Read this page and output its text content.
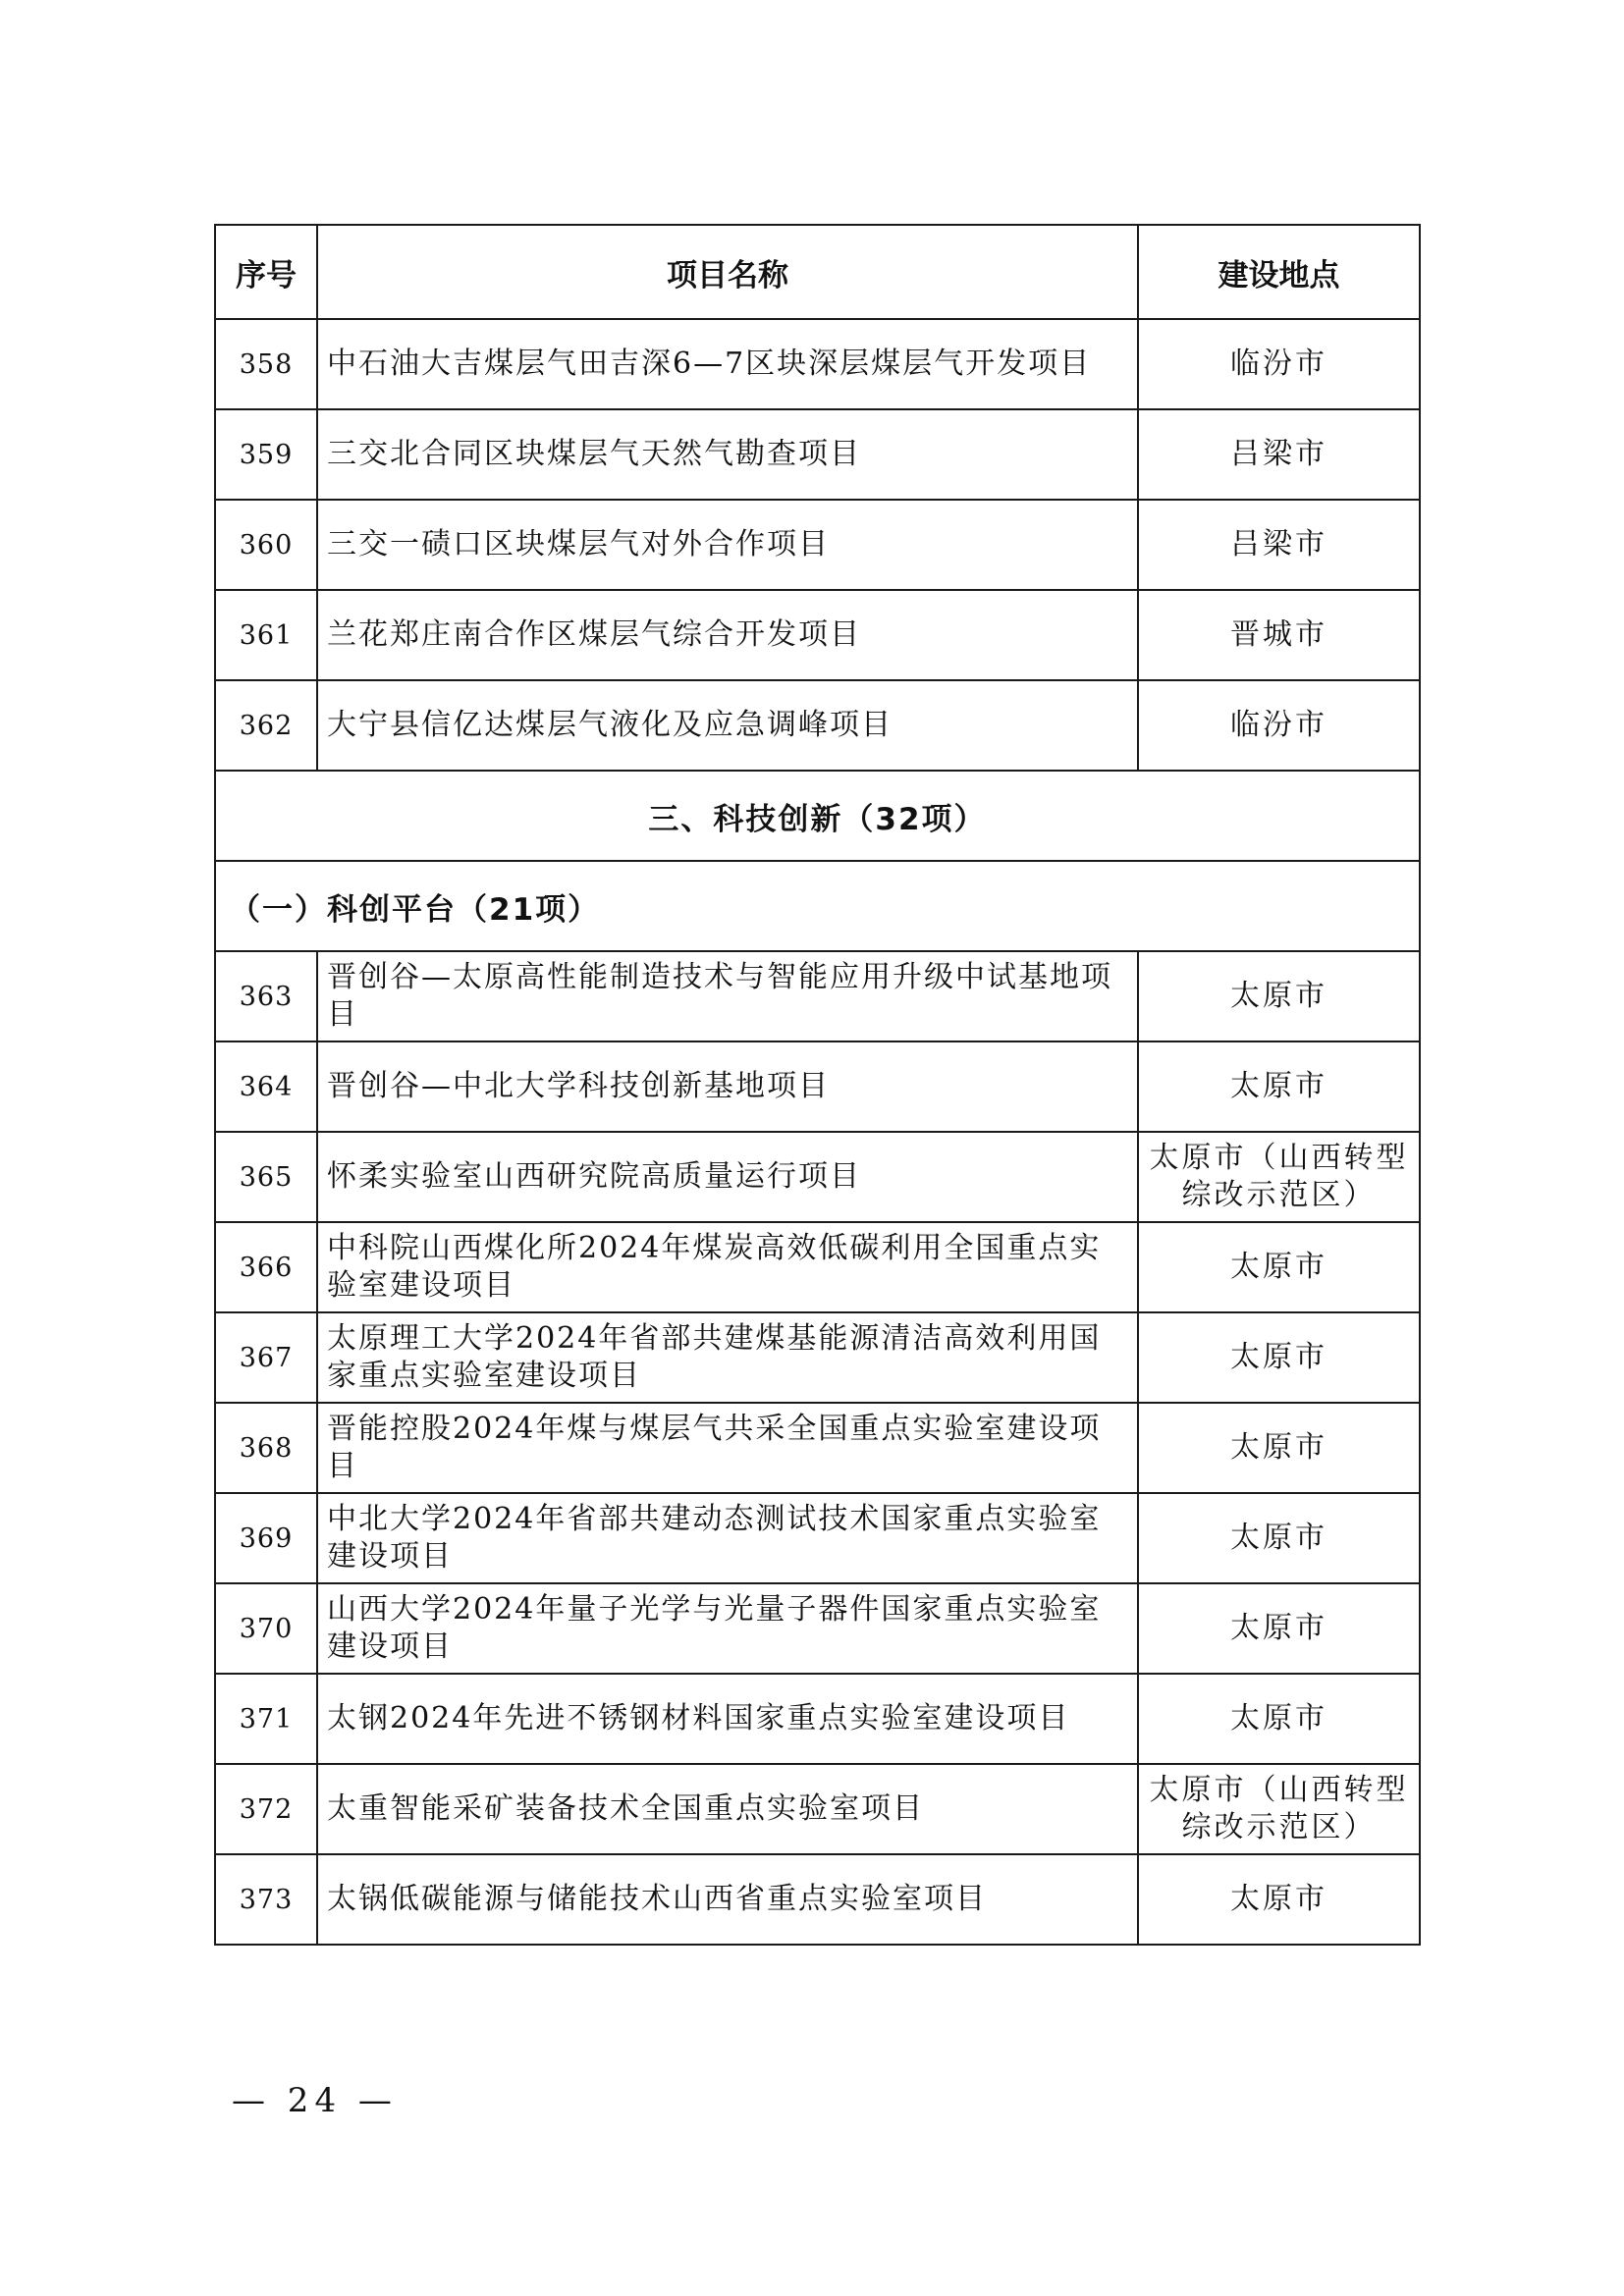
序号	项目名称	建设地点
358	中石油大吉煤层气田吉深6—7区块深层煤层气开发项目	临汾市
359	三交北合同区块煤层气天然气勘查项目	吕梁市
360	三交一碛口区块煤层气对外合作项目	吕梁市
361	兰花郑庄南合作区煤层气综合开发项目	晋城市
362	大宁县信亿达煤层气液化及应急调峰项目	临汾市
三、科技创新（32项）		
（一）科创平台（21项）		
363	晋创谷—太原高性能制造技术与智能应用升级中试基地项目	太原市
364	晋创谷—中北大学科技创新基地项目	太原市
365	怀柔实验室山西研究院高质量运行项目	太原市（山西转型综改示范区）
366	中科院山西煤化所2024年煤炭高效低碳利用全国重点实验室建设项目	太原市
367	太原理工大学2024年省部共建煤基能源清洁高效利用国家重点实验室建设项目	太原市
368	晋能控股2024年煤与煤层气共采全国重点实验室建设项目	太原市
369	中北大学2024年省部共建动态测试技术国家重点实验室建设项目	太原市
370	山西大学2024年量子光学与光量子器件国家重点实验室建设项目	太原市
371	太钢2024年先进不锈钢材料国家重点实验室建设项目	太原市
372	太重智能采矿装备技术全国重点实验室项目	太原市（山西转型综改示范区）
373	太锅低碳能源与储能技术山西省重点实验室项目	太原市
— 24 —
